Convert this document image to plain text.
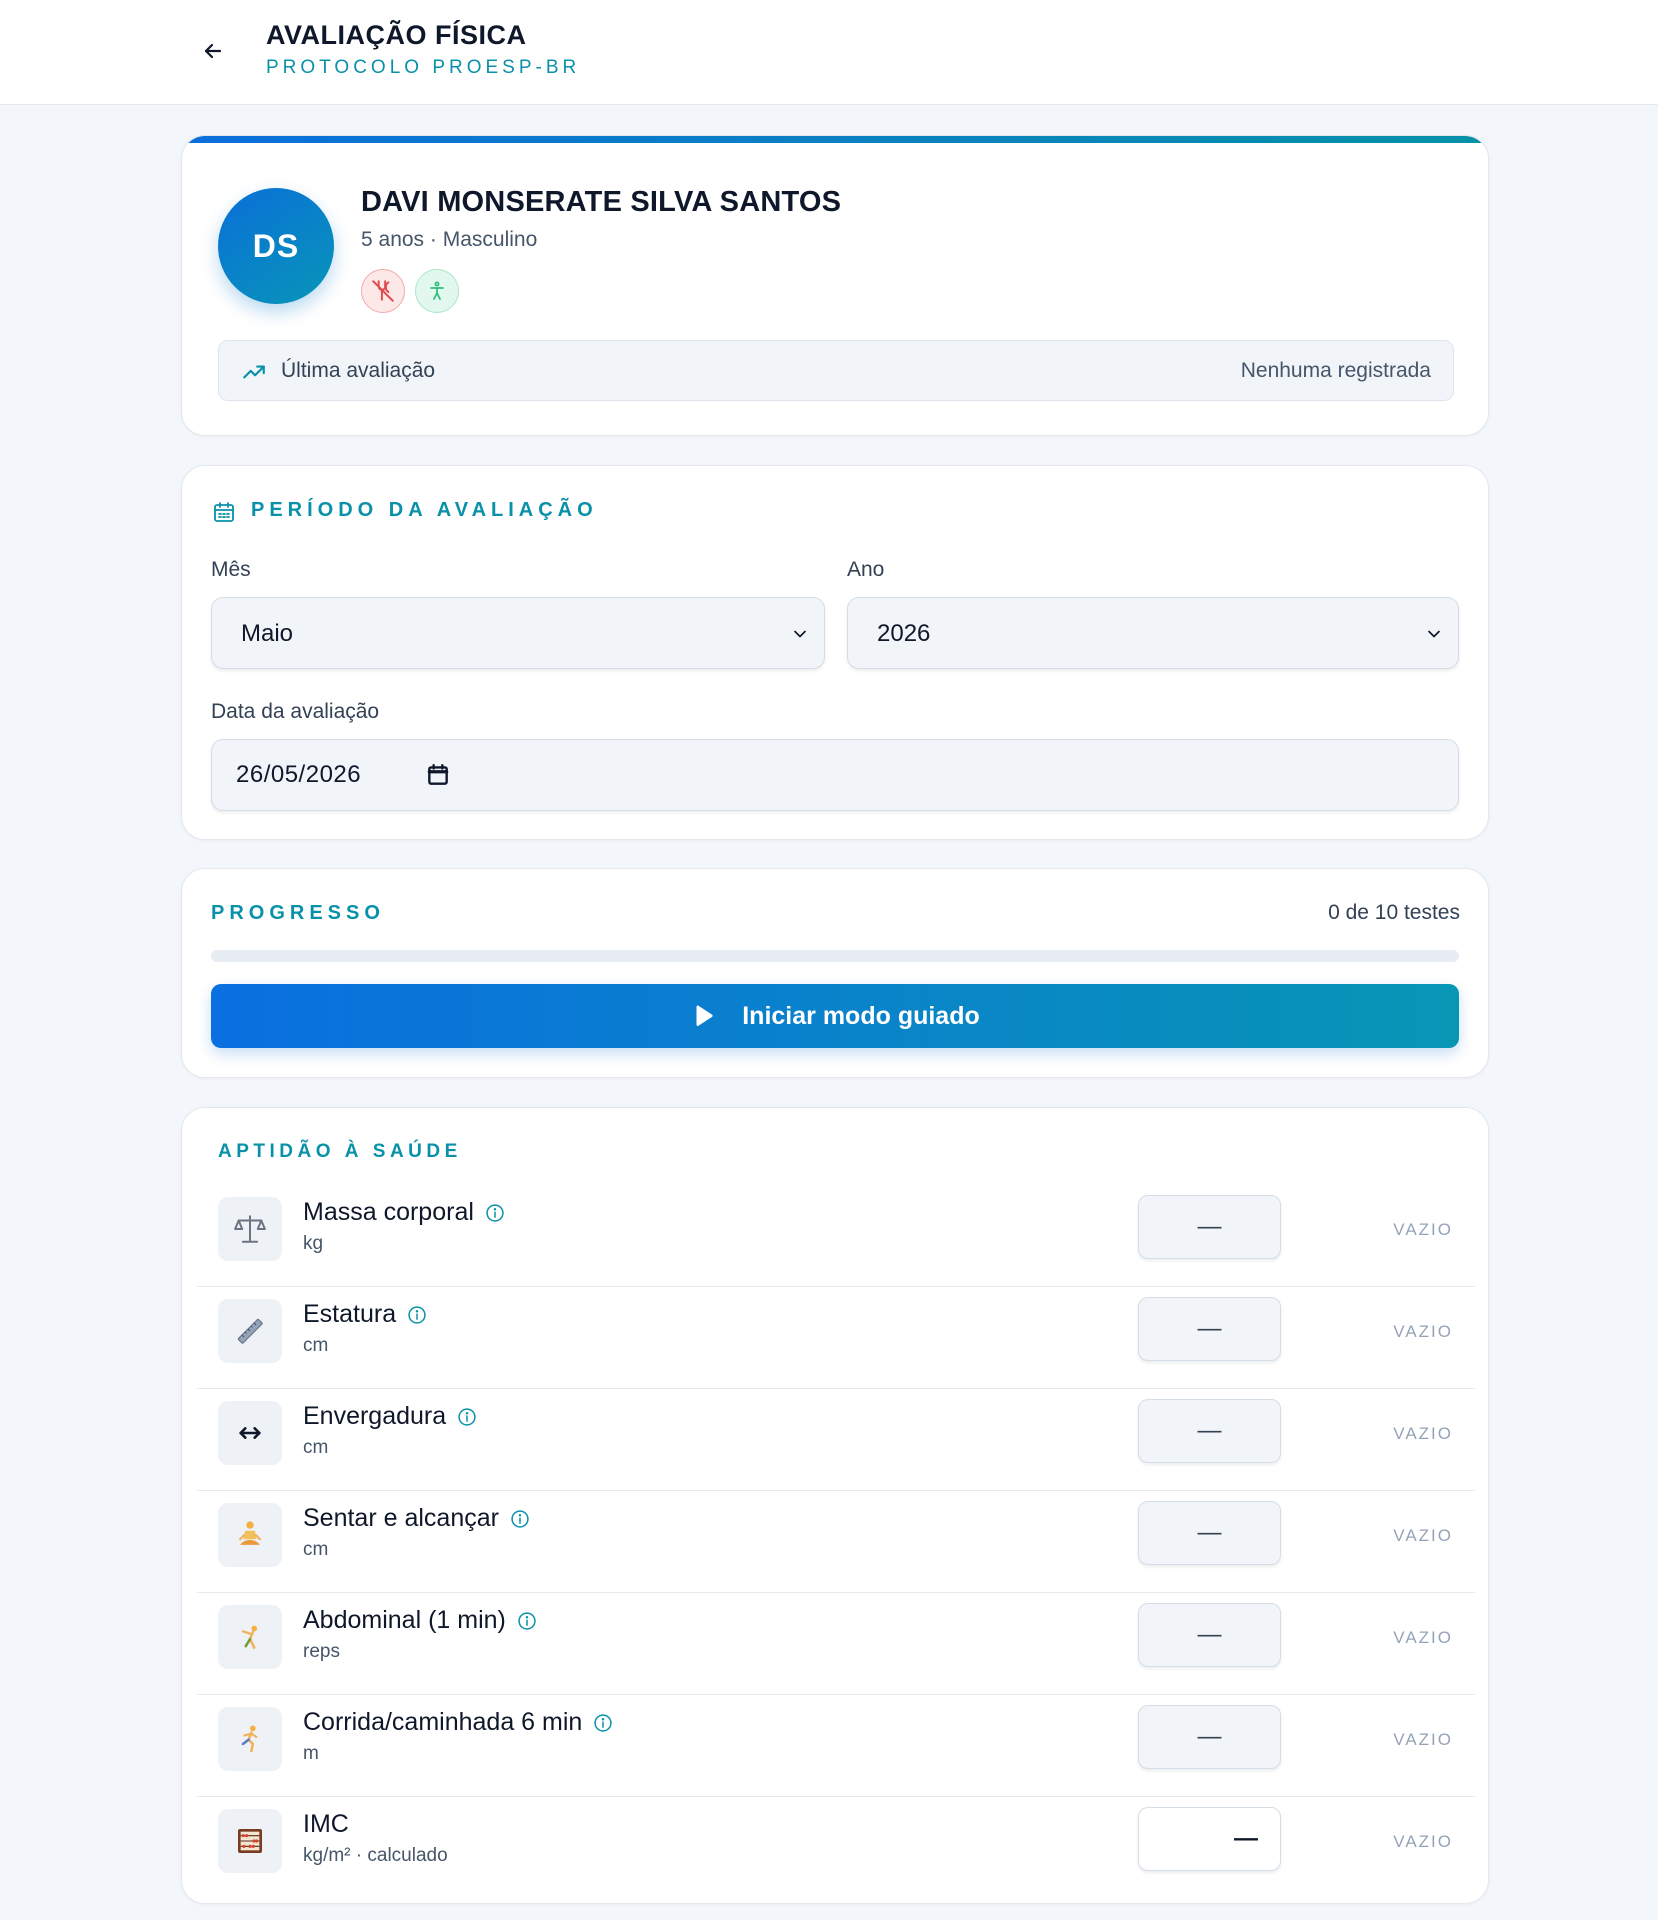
AVALIAÇÃO FÍSICA
PROTOCOLO PROESP-BR
DS
DAVI MONSERATE SILVA SANTOS
5 anos · Masculino
Última avaliação	Nenhuma registrada
PERÍODO DA AVALIAÇÃO
Mês
Maio
Ano
2026
Data da avaliação
26/05/2026
PROGRESSO	0 de 10 testes
Iniciar modo guiado
APTIDÃO À SAÚDE
Massa corporal
kg
—	VAZIO
Estatura
cm
—	VAZIO
Envergadura
cm
—	VAZIO
Sentar e alcançar
cm
—	VAZIO
Abdominal (1 min)
reps
—	VAZIO
Corrida/caminhada 6 min
m
—	VAZIO
IMC
kg/m² · calculado
—	VAZIO
